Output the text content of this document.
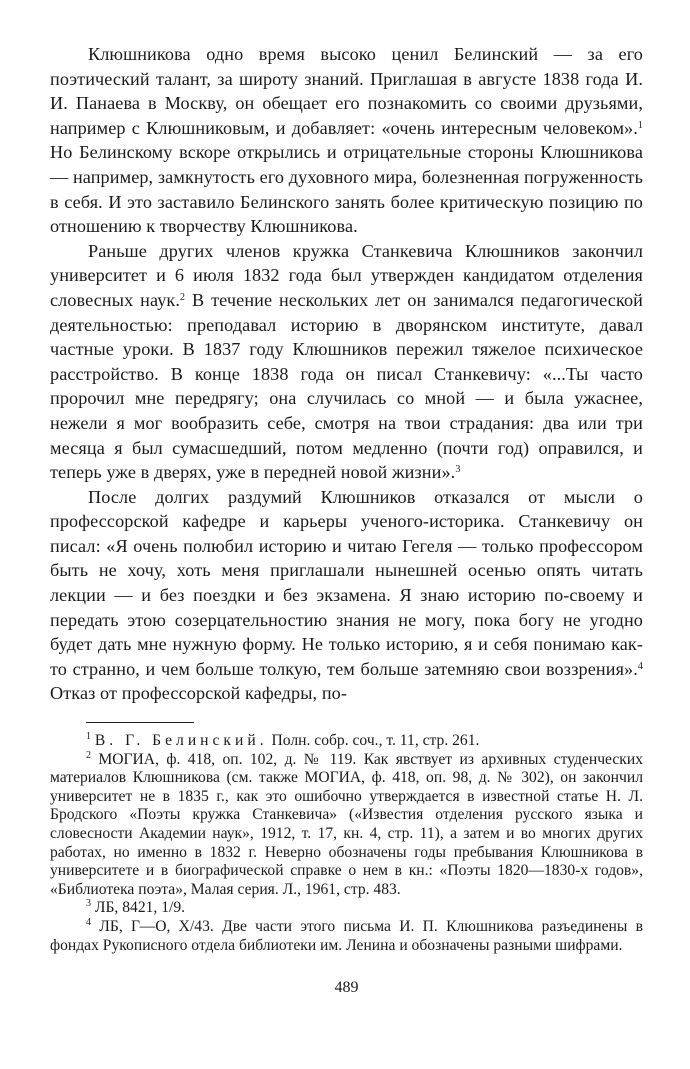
Клюшникова одно время высоко ценил Белинский — за его поэтический талант, за широту знаний. Приглашая в августе 1838 года И. И. Панаева в Москву, он обещает его познакомить со своими друзьями, например с Клюшниковым, и добавляет: «очень интересным человеком».$^1$ Но Белинскому вскоре открылись и отрицательные стороны Клюшникова — например, замкнутость его духовного мира, болезненная погруженность в себя. И это заставило Белинского занять более критическую позицию по отношению к творчеству Клюшникова.

Раньше других членов кружка Станкевича Клюшников закончил университет и 6 июля 1832 года был утвержден кандидатом отделения словесных наук.$^2$ В течение нескольких лет он занимался педагогической деятельностью: преподавал историю в дворянском институте, давал частные уроки. В 1837 году Клюшников пережил тяжелое психическое расстройство. В конце 1838 года он писал Станкевичу: «...Ты часто пророчил мне передрягу; она случилась со мной — и была ужаснее, нежели я мог вообразить себе, смотря на твои страдания: два или три месяца я был сумасшедший, потом медленно (почти год) оправился, и теперь уже в дверях, уже в передней новой жизни».$^3$

После долгих раздумий Клюшников отказался от мысли о профессорской кафедре и карьеры ученого-историка. Станкевичу он писал: «Я очень полюбил историю и читаю Гегеля — только профессором быть не хочу, хоть меня приглашали нынешней осенью опять читать лекции — и без поездки и без экзамена. Я знаю историю по-своему и передать этою созерцательностию знания не могу, пока богу не угодно будет дать мне нужную форму. Не только историю, я и себя понимаю как-то странно, и чем больше толкую, тем больше затемняю свои воззрения».$^4$ Отказ от профессорской кафедры, по-

$^1$ В. Г. Белинский. Полн. собр. соч., т. 11, стр. 261.

$^2$ МОГИА, ф. 418, оп. 102, д. № 119. Как явствует из архивных студенческих материалов Клюшникова (см. также МОГИА, ф. 418, оп. 98, д. № 302), он закончил университет не в 1835 г., как это ошибочно утверждается в известной статье Н. Л. Бродского «Поэты кружка Станкевича» («Известия отделения русского языка и словесности Академии наук», 1912, т. 17, кн. 4, стр. 11), а затем и во многих других работах, но именно в 1832 г. Неверно обозначены годы пребывания Клюшникова в университете и в биографической справке о нем в кн.: «Поэты 1820—1830-х годов», «Библиотека поэта», Малая серия. Л., 1961, стр. 483.

$^3$ ЛБ, 8421, 1/9.

$^4$ ЛБ, Г—О, X/43. Две части этого письма И. П. Клюшникова разъединены в фондах Рукописного отдела библиотеки им. Ленина и обозначены разными шифрами.

489
